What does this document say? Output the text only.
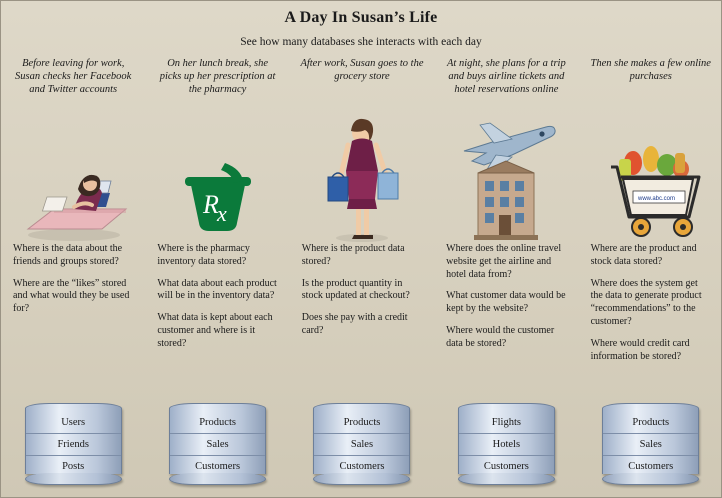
A Day In Susan’s Life
See how many databases she interacts with each day
Before leaving for work, Susan checks her Facebook and Twitter accounts

Where is the data about the friends and groups stored?

Where are the “likes” stored and what would they be used for?

On her lunch break, she picks up her prescription at the pharmacy
R
x

Where is the pharmacy inventory data stored?

What data about each product will be in the inventory data?

What data is kept about each customer and where is it stored?

After work, Susan goes to the grocery store

Where is the product data stored?

Is the product quantity in stock updated at checkout?

Does she pay with a credit card?

At night, she plans for a trip and buys airline tickets and hotel reservations online

Where does the online travel website get the airline and hotel data from?

What customer data would be kept by the website?

Where would the customer data be stored?

Then she makes a few online purchases
www.abc.com

Where are the product and stock data stored?

Where does the system get the data to generate product “recommendations” to the customer?

Where would credit card information be stored?

Users
Friends
Posts
Products
Sales
Customers
Products
Sales
Customers
Flights
Hotels
Customers
Products
Sales
Customers
